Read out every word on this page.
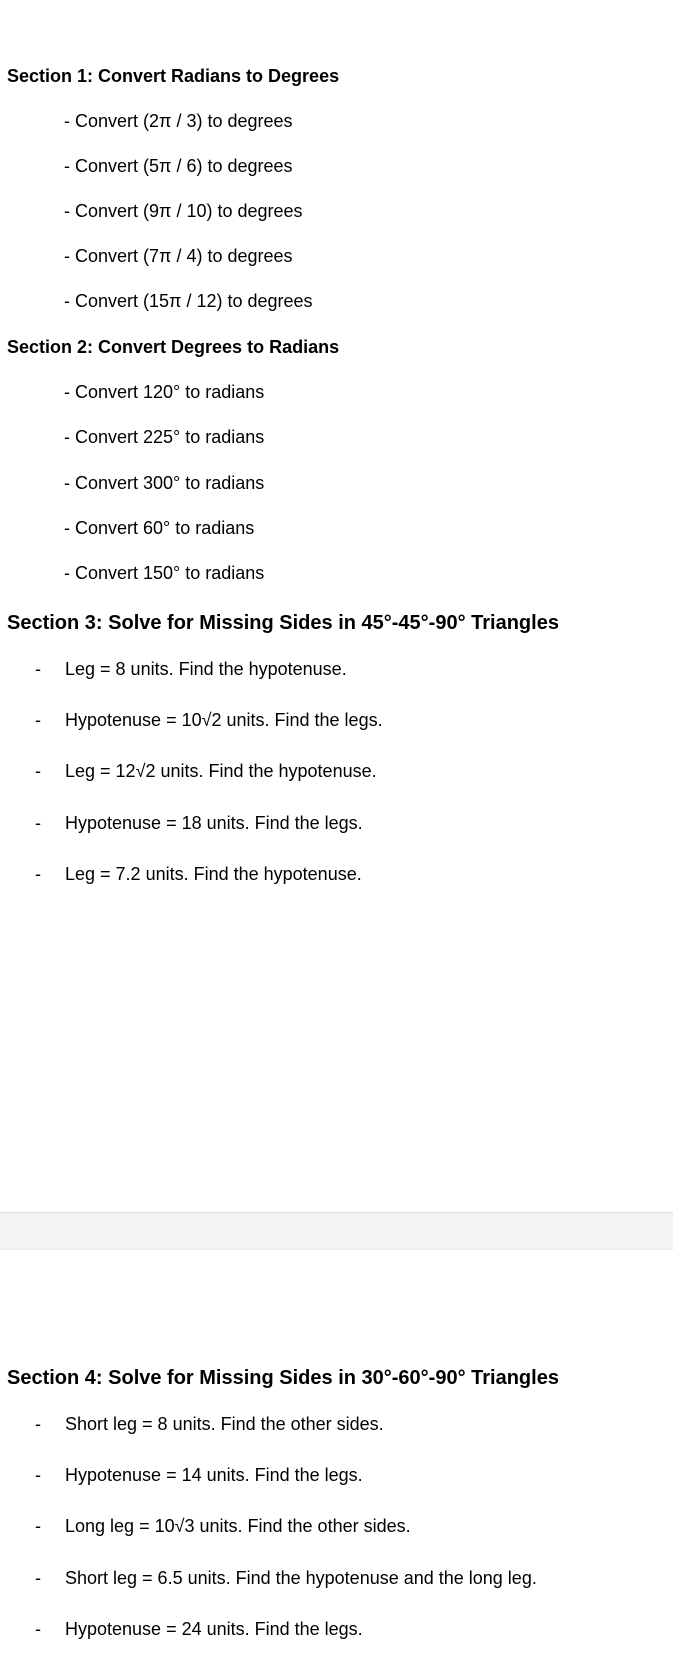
Section 1: Convert Radians to Degrees
- Convert (2π / 3) to degrees
- Convert (5π / 6) to degrees
- Convert (9π / 10) to degrees
- Convert (7π / 4) to degrees
- Convert (15π / 12) to degrees
Section 2: Convert Degrees to Radians
- Convert 120° to radians
- Convert 225° to radians
- Convert 300° to radians
- Convert 60° to radians
- Convert 150° to radians
Section 3: Solve for Missing Sides in 45°-45°-90° Triangles
- Leg = 8 units. Find the hypotenuse.
- Hypotenuse = 10√2 units. Find the legs.
- Leg = 12√2 units. Find the hypotenuse.
- Hypotenuse = 18 units. Find the legs.
- Leg = 7.2 units. Find the hypotenuse.
Section 4: Solve for Missing Sides in 30°-60°-90° Triangles
- Short leg = 8 units. Find the other sides.
- Hypotenuse = 14 units. Find the legs.
- Long leg = 10√3 units. Find the other sides.
- Short leg = 6.5 units. Find the hypotenuse and the long leg.
- Hypotenuse = 24 units. Find the legs.
